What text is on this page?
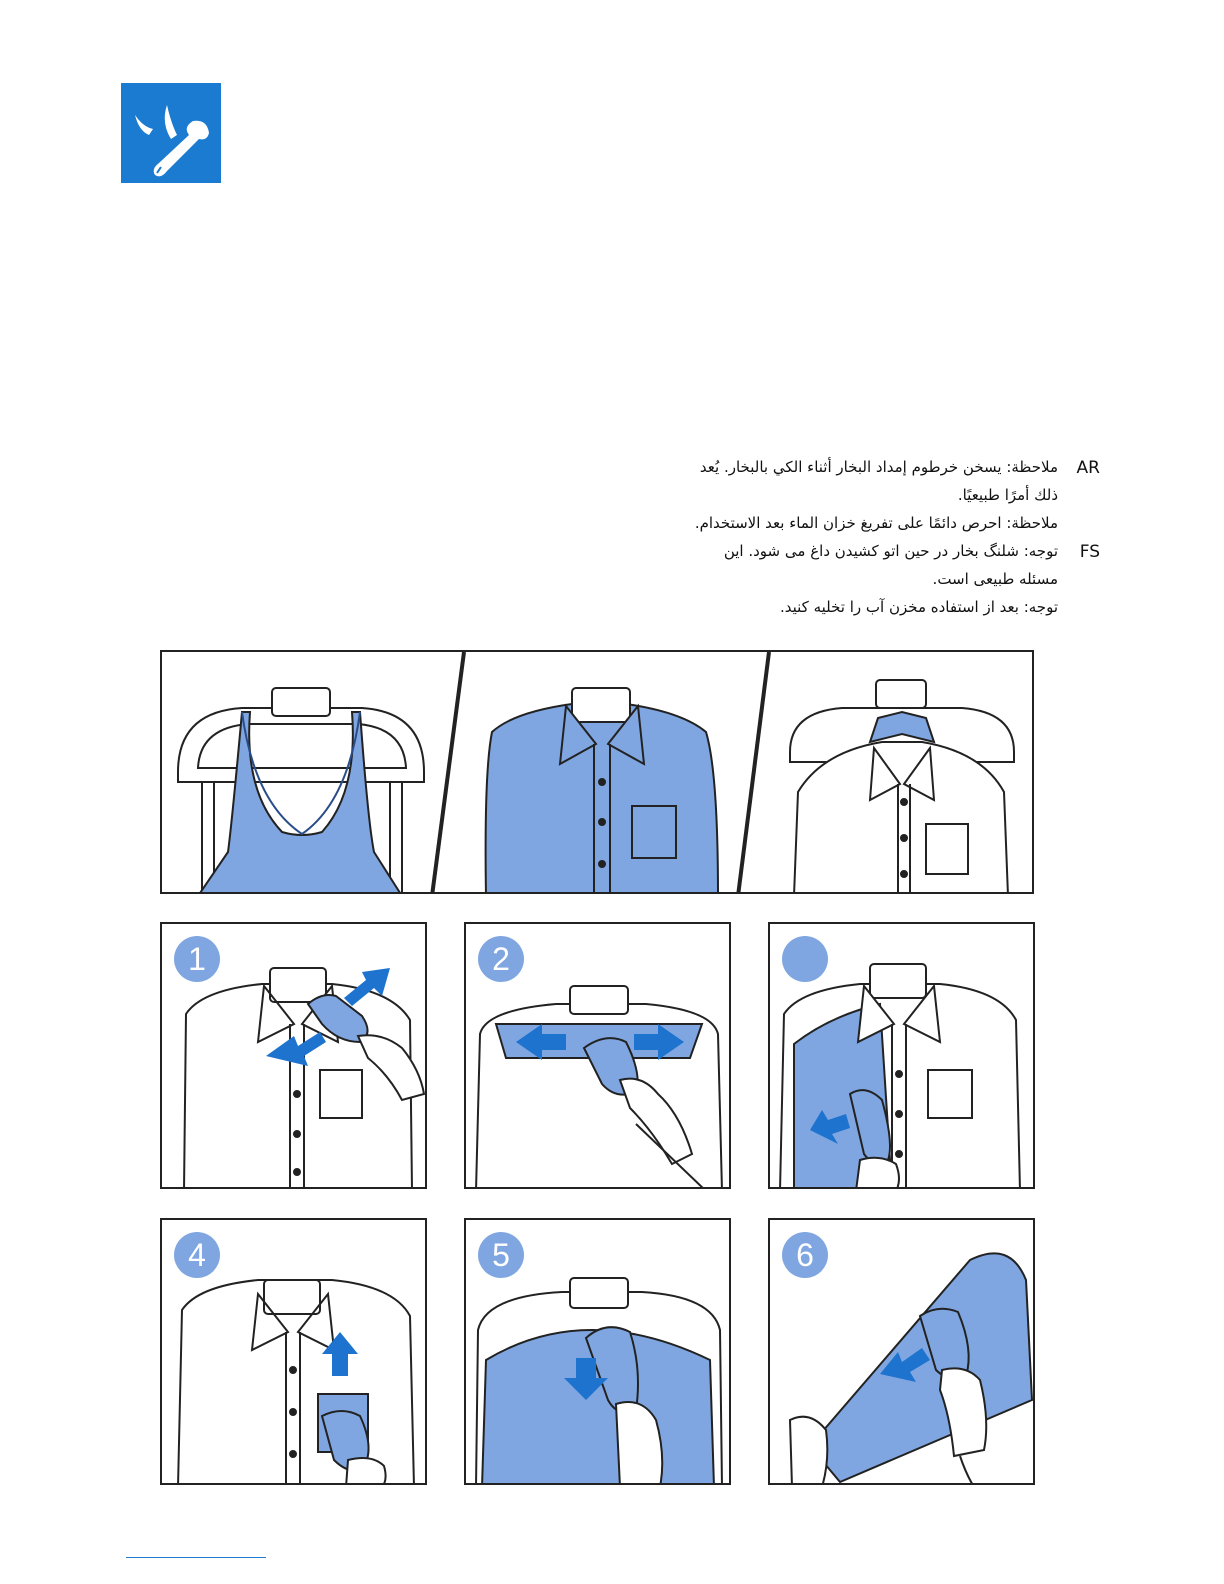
AR
ملاحظة: يسخن خرطوم إمداد البخار أثناء الكي بالبخار. يُعد
ذلك أمرًا طبيعيًا.
ملاحظة: احرص دائمًا على تفريغ خزان الماء بعد الاستخدام.
FS
توجه: شلنگ بخار در حین اتو کشیدن داغ می شود. این
مسئله طبیعی است.
توجه: بعد از استفاده مخزن آب را تخلیه کنید.
1	2
4	5	6
